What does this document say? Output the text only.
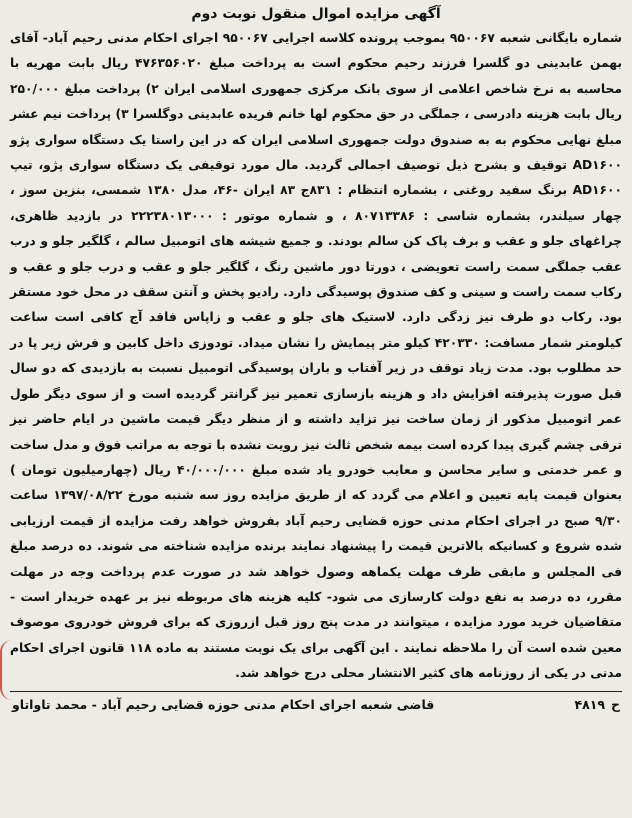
آگهی مزایده اموال منقول نوبت دوم

شماره بایگانی شعبه ۹۵۰۰۶۷ بموجب پرونده کلاسه اجرایی ۹۵۰۰۶۷ اجرای احکام مدنی رحیم آباد- آقای بهمن عابدینی دو گلسرا فرزند رحیم محکوم است به پرداخت مبلغ ۴۷۶۳۵۶۰۲۰ ریال بابت مهریه با محاسبه به نرخ شاخص اعلامی از سوی بانک مرکزی جمهوری اسلامی ایران ۲) پرداخت مبلغ ۲۵۰/۰۰۰ ریال بابت هزینه دادرسی ، جملگی در حق محکوم لها خانم فریده عابدینی دوگلسرا ۳) پرداخت نیم عشر مبلغ نهایی محکوم به به صندوق دولت جمهوری اسلامی ایران که در این راستا یک دستگاه سواری پژو AD۱۶۰۰ توقیف و بشرح ذیل توصیف اجمالی گردید. مال مورد توقیفی یک دستگاه سواری پژو، تیپ AD۱۶۰۰ برنگ سفید روغنی ، بشماره انتظام : ۸۳۱ج ۸۳ ایران -۴۶، مدل ۱۳۸۰ شمسی، بنزین سوز ، چهار سیلندر، بشماره شاسی : ۸۰۷۱۳۳۸۶ ، و شماره موتور : ۲۲۲۳۸۰۱۳۰۰۰ در بازدید ظاهری، چراغهای جلو و عقب و برف پاک کن سالم بودند. و جمیع شیشه های اتومبیل سالم ، گلگیر جلو و درب عقب جملگی سمت راست تعویضی ، دورتا دور ماشین رنگ ، گلگیر جلو و عقب و درب جلو و عقب و رکاب سمت راست و سینی و کف صندوق پوسیدگی دارد. رادیو پخش و آنتن سقف در محل خود مستقر بود. رکاب دو طرف نیز زدگی دارد. لاستیک های جلو و عقب و زاپاس فاقد آج کافی است ساعت کیلومتر شمار مسافت: ۴۲۰۳۳۰ کیلو متر پیمایش را نشان میداد. تودوزی داخل کابین و فرش زیر پا در حد مطلوب بود. مدت زیاد توقف در زیر آفتاب و باران پوسیدگی اتومبیل نسبت به بازدیدی که دو سال قبل صورت پذیرفته افزایش داد و هزینه بازسازی تعمیر نیز گرانتر گردیده است و از سوی دیگر طول عمر اتومبیل مذکور از زمان ساخت نیز تزاید داشته و از منظر دیگر قیمت ماشین در ایام حاضر نیز ترقی چشم گیری پیدا کرده است بیمه شخص ثالث نیز رویت نشده با توجه به مراتب فوق و مدل ساخت و عمر خدمتی و سایر محاسن و معایب خودرو یاد شده مبلغ ۴۰/۰۰۰/۰۰۰ ریال (چهارمیلیون تومان ) بعنوان قیمت پایه تعیین و اعلام می گردد که از طریق مزایده روز سه شنبه مورخ ۱۳۹۷/۰۸/۲۲ ساعت ۹/۳۰ صبح در اجرای احکام مدنی حوزه قضایی رحیم آباد بفروش خواهد رفت مزایده از قیمت ارزیابی شده شروع و کسانیکه بالاترین قیمت را پیشنهاد نمایند برنده مزایده شناخته می شوند. ده درصد مبلغ فی المجلس و مابقی ظرف مهلت یکماهه وصول خواهد شد در صورت عدم پرداخت وجه در مهلت مقرر، ده درصد به نفع دولت کارسازی می شود- کلیه هزینه های مربوطه نیز بر عهده خریدار است - متقاضیان خرید مورد مزایده ، میتوانند در مدت پنج روز قبل ازروزی که برای فروش خودروی موصوف معین شده است آن را ملاحظه نمایند . این آگهی برای یک نوبت مستند به ماده ۱۱۸ قانون اجرای احکام مدنی در یکی از روزنامه های کثیر الانتشار محلی درج خواهد شد.

ح
۴۸۱۹
قاضی شعبه اجرای احکام مدنی حوزه قضایی رحیم آباد - محمد تاواتاو
